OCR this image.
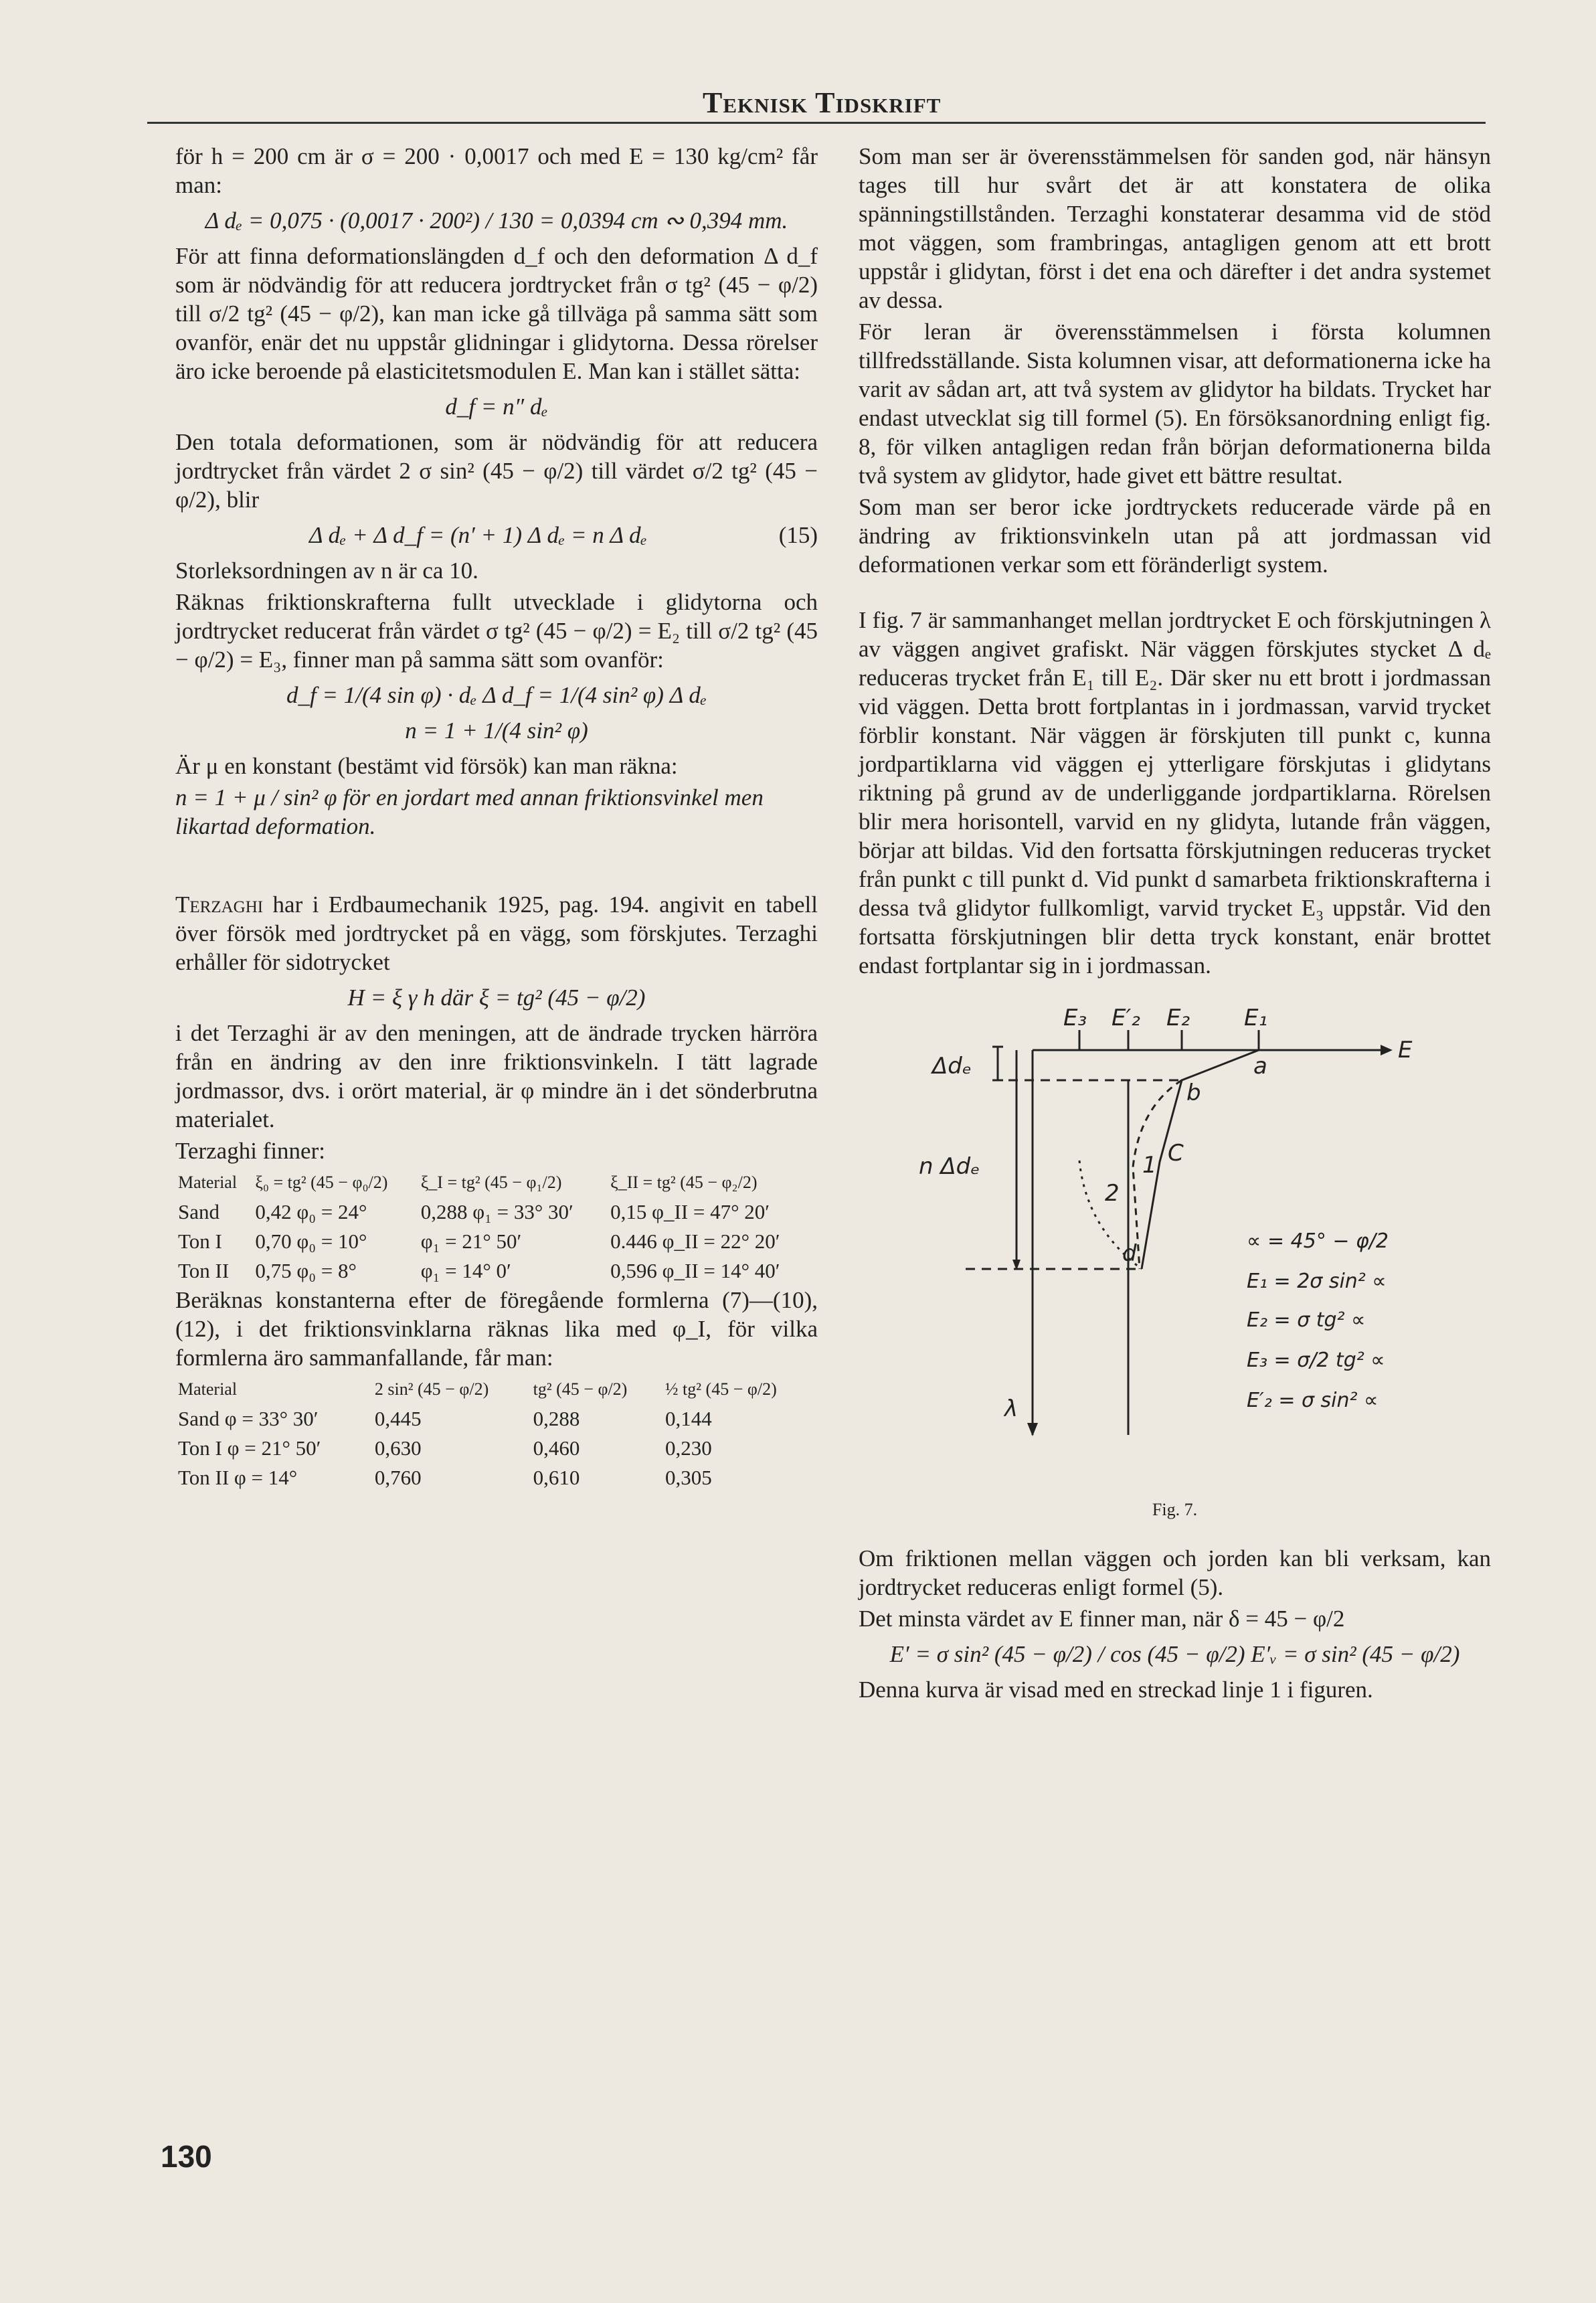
Teknisk Tidskrift

för h = 200 cm är σ = 200 · 0,0017 och med E = 130 kg/cm² får man:

Δ dₑ = 0,075 · (0,0017 · 200²) / 130 = 0,0394 cm ∾ 0,394 mm.

För att finna deformationslängden d_f och den deformation Δ d_f som är nödvändig för att reducera jordtrycket från σ tg² (45 − φ/2) till σ/2 tg² (45 − φ/2), kan man icke gå tillväga på samma sätt som ovanför, enär det nu uppstår glidningar i glidytorna. Dessa rörelser äro icke beroende på elasticitetsmodulen E. Man kan i stället sätta:

d_f = n″ dₑ

Den totala deformationen, som är nödvändig för att reducera jordtrycket från värdet 2 σ sin² (45 − φ/2) till värdet σ/2 tg² (45 − φ/2), blir

Δ dₑ + Δ d_f = (n′ + 1) Δ dₑ = n Δ dₑ	(15)

Storleksordningen av n är ca 10.

Räknas friktionskrafterna fullt utvecklade i glidytorna och jordtrycket reducerat från värdet σ tg² (45 − φ/2) = E₂ till σ/2 tg² (45 − φ/2) = E₃, finner man på samma sätt som ovanför:

d_f = 1/(4 sin φ) · dₑ Δ d_f = 1/(4 sin² φ) Δ dₑ
n = 1 + 1/(4 sin² φ)

Är μ en konstant (bestämt vid försök) kan man räkna:

n = 1 + μ / sin² φ för en jordart med annan friktionsvinkel men likartad deformation.

Terzaghi har i Erdbaumechanik 1925, pag. 194. angivit en tabell över försök med jordtrycket på en vägg, som förskjutes. Terzaghi erhåller för sidotrycket

H = ξ γ h där ξ = tg² (45 − φ/2)

i det Terzaghi är av den meningen, att de ändrade trycken härröra från en ändring av den inre friktionsvinkeln. I tätt lagrade jordmassor, dvs. i orört material, är φ mindre än i det sönderbrutna materialet.

Terzaghi finner:

Material	ξ₀ = tg² (45 − φ₀/2)	ξ_I = tg² (45 − φ₁/2)	ξ_II = tg² (45 − φ₂/2)
Sand	0,42 φ₀ = 24°	0,288 φ₁ = 33° 30′	0,15 φ_II = 47° 20′
Ton I	0,70 φ₀ = 10°	φ₁ = 21° 50′	0.446 φ_II = 22° 20′
Ton II	0,75 φ₀ = 8°	φ₁ = 14° 0′	0,596 φ_II = 14° 40′

Beräknas konstanterna efter de föregående formlerna (7)—(10), (12), i det friktionsvinklarna räknas lika med φ_I, för vilka formlerna äro sammanfallande, får man:

Material	2 sin² (45 − φ/2)	tg² (45 − φ/2)	½ tg² (45 − φ/2)
Sand φ = 33° 30′	0,445	0,288	0,144
Ton I φ = 21° 50′	0,630	0,460	0,230
Ton II φ = 14°	0,760	0,610	0,305

Som man ser är överensstämmelsen för sanden god, när hänsyn tages till hur svårt det är att konstatera de olika spänningstillstånden. Terzaghi konstaterar desamma vid de stöd mot väggen, som frambringas, antagligen genom att ett brott uppstår i glidytan, först i det ena och därefter i det andra systemet av dessa.

För leran är överensstämmelsen i första kolumnen tillfredsställande. Sista kolumnen visar, att deformationerna icke ha varit av sådan art, att två system av glidytor ha bildats. Trycket har endast utvecklat sig till formel (5). En försöksanordning enligt fig. 8, för vilken antagligen redan från början deformationerna bilda två system av glidytor, hade givet ett bättre resultat.

Som man ser beror icke jordtryckets reducerade värde på en ändring av friktionsvinkeln utan på att jordmassan vid deformationen verkar som ett föränderligt system.

I fig. 7 är sammanhanget mellan jordtrycket E och förskjutningen λ av väggen angivet grafiskt. När väggen förskjutes stycket Δ dₑ reduceras trycket från E₁ till E₂. Där sker nu ett brott i jordmassan vid väggen. Detta brott fortplantas in i jordmassan, varvid trycket förblir konstant. När väggen är förskjuten till punkt c, kunna jordpartiklarna vid väggen ej ytterligare förskjutas i glidytans riktning på grund av de underliggande jordpartiklarna. Rörelsen blir mera horisontell, varvid en ny glidyta, lutande från väggen, börjar att bildas. Vid den fortsatta förskjutningen reduceras trycket från punkt c till punkt d. Vid punkt d samarbeta friktionskrafterna i dessa två glidytor fullkomligt, varvid trycket E₃ uppstår. Vid den fortsatta förskjutningen blir detta tryck konstant, enär brottet endast fortplantar sig in i jordmassan.

E₃ E′₂ E₂ E₁
E
a
b
C
d
1
2
Δdₑ
n Δdₑ
λ
∝ = 45° − φ/2
E₁ = 2σ sin² ∝
E₂ = σ tg² ∝
E₃ = σ/2 tg² ∝
E′₂ = σ sin² ∝
Fig. 7.

Om friktionen mellan väggen och jorden kan bli verksam, kan jordtrycket reduceras enligt formel (5).

Det minsta värdet av E finner man, när δ = 45 − φ/2

E′ = σ sin² (45 − φ/2) / cos (45 − φ/2) E′ᵥ = σ sin² (45 − φ/2)

Denna kurva är visad med en streckad linje 1 i figuren.

130
